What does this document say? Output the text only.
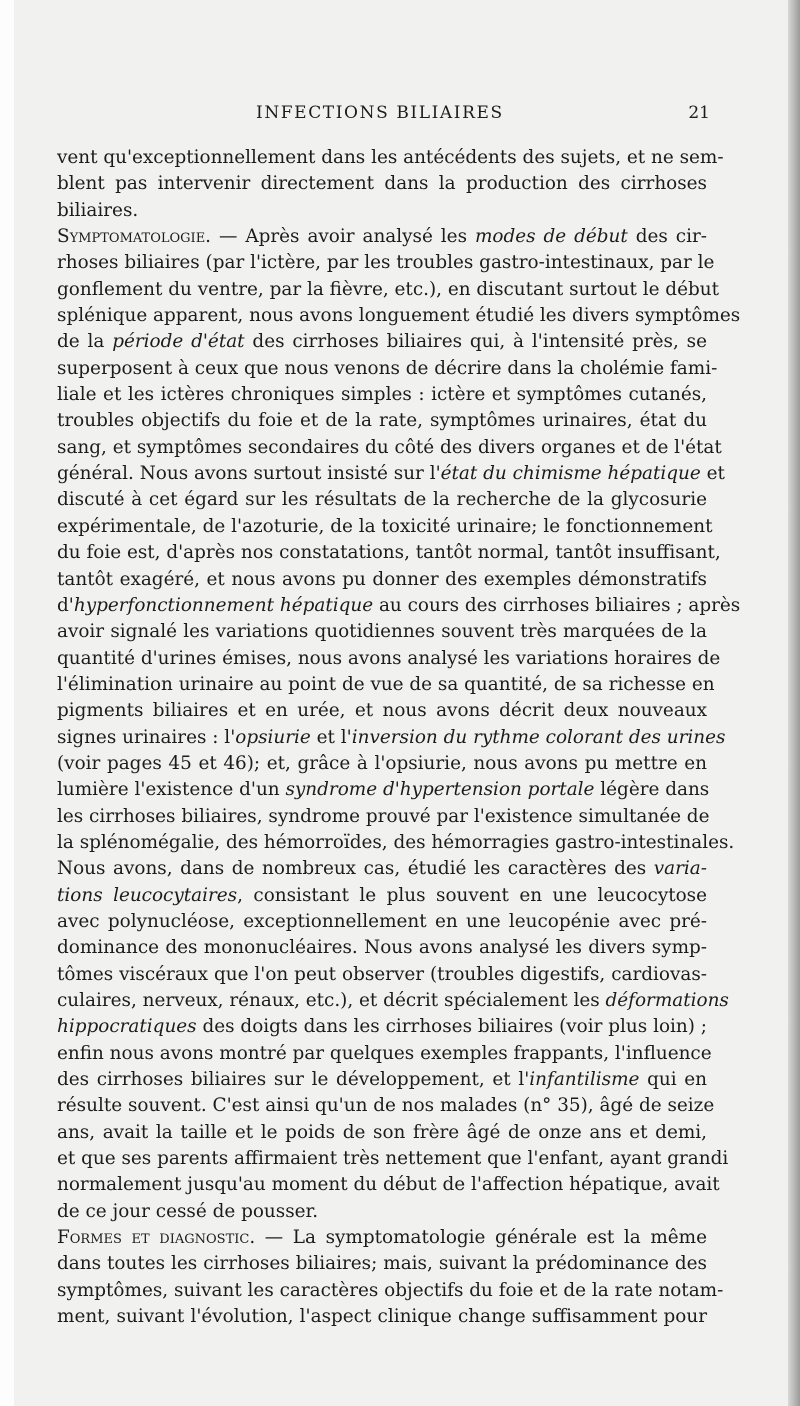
INFECTIONS BILIAIRES	21
vent qu'exceptionnellement dans les antécédents des sujets, et ne sem-
blent pas intervenir directement dans la production des cirrhoses
biliaires.
Symptomatologie. — Après avoir analysé les modes de début des cir-
rhoses biliaires (par l'ictère, par les troubles gastro-intestinaux, par le
gonflement du ventre, par la fièvre, etc.), en discutant surtout le début
splénique apparent, nous avons longuement étudié les divers symptômes
de la période d'état des cirrhoses biliaires qui, à l'intensité près, se
superposent à ceux que nous venons de décrire dans la cholémie fami-
liale et les ictères chroniques simples : ictère et symptômes cutanés,
troubles objectifs du foie et de la rate, symptômes urinaires, état du
sang, et symptômes secondaires du côté des divers organes et de l'état
général. Nous avons surtout insisté sur l'état du chimisme hépatique et
discuté à cet égard sur les résultats de la recherche de la glycosurie
expérimentale, de l'azoturie, de la toxicité urinaire; le fonctionnement
du foie est, d'après nos constatations, tantôt normal, tantôt insuffisant,
tantôt exagéré, et nous avons pu donner des exemples démonstratifs
d'hyperfonctionnement hépatique au cours des cirrhoses biliaires ; après
avoir signalé les variations quotidiennes souvent très marquées de la
quantité d'urines émises, nous avons analysé les variations horaires de
l'élimination urinaire au point de vue de sa quantité, de sa richesse en
pigments biliaires et en urée, et nous avons décrit deux nouveaux
signes urinaires : l'opsiurie et l'inversion du rythme colorant des urines
(voir pages 45 et 46); et, grâce à l'opsiurie, nous avons pu mettre en
lumière l'existence d'un syndrome d'hypertension portale légère dans
les cirrhoses biliaires, syndrome prouvé par l'existence simultanée de
la splénomégalie, des hémorroïdes, des hémorragies gastro-intestinales.
Nous avons, dans de nombreux cas, étudié les caractères des varia-
tions leucocytaires, consistant le plus souvent en une leucocytose
avec polynucléose, exceptionnellement en une leucopénie avec pré-
dominance des mononucléaires. Nous avons analysé les divers symp-
tômes viscéraux que l'on peut observer (troubles digestifs, cardiovas-
culaires, nerveux, rénaux, etc.), et décrit spécialement les déformations
hippocratiques des doigts dans les cirrhoses biliaires (voir plus loin) ;
enfin nous avons montré par quelques exemples frappants, l'influence
des cirrhoses biliaires sur le développement, et l'infantilisme qui en
résulte souvent. C'est ainsi qu'un de nos malades (n° 35), âgé de seize
ans, avait la taille et le poids de son frère âgé de onze ans et demi,
et que ses parents affirmaient très nettement que l'enfant, ayant grandi
normalement jusqu'au moment du début de l'affection hépatique, avait
de ce jour cessé de pousser.
Formes et diagnostic. — La symptomatologie générale est la même
dans toutes les cirrhoses biliaires; mais, suivant la prédominance des
symptômes, suivant les caractères objectifs du foie et de la rate notam-
ment, suivant l'évolution, l'aspect clinique change suffisamment pour
